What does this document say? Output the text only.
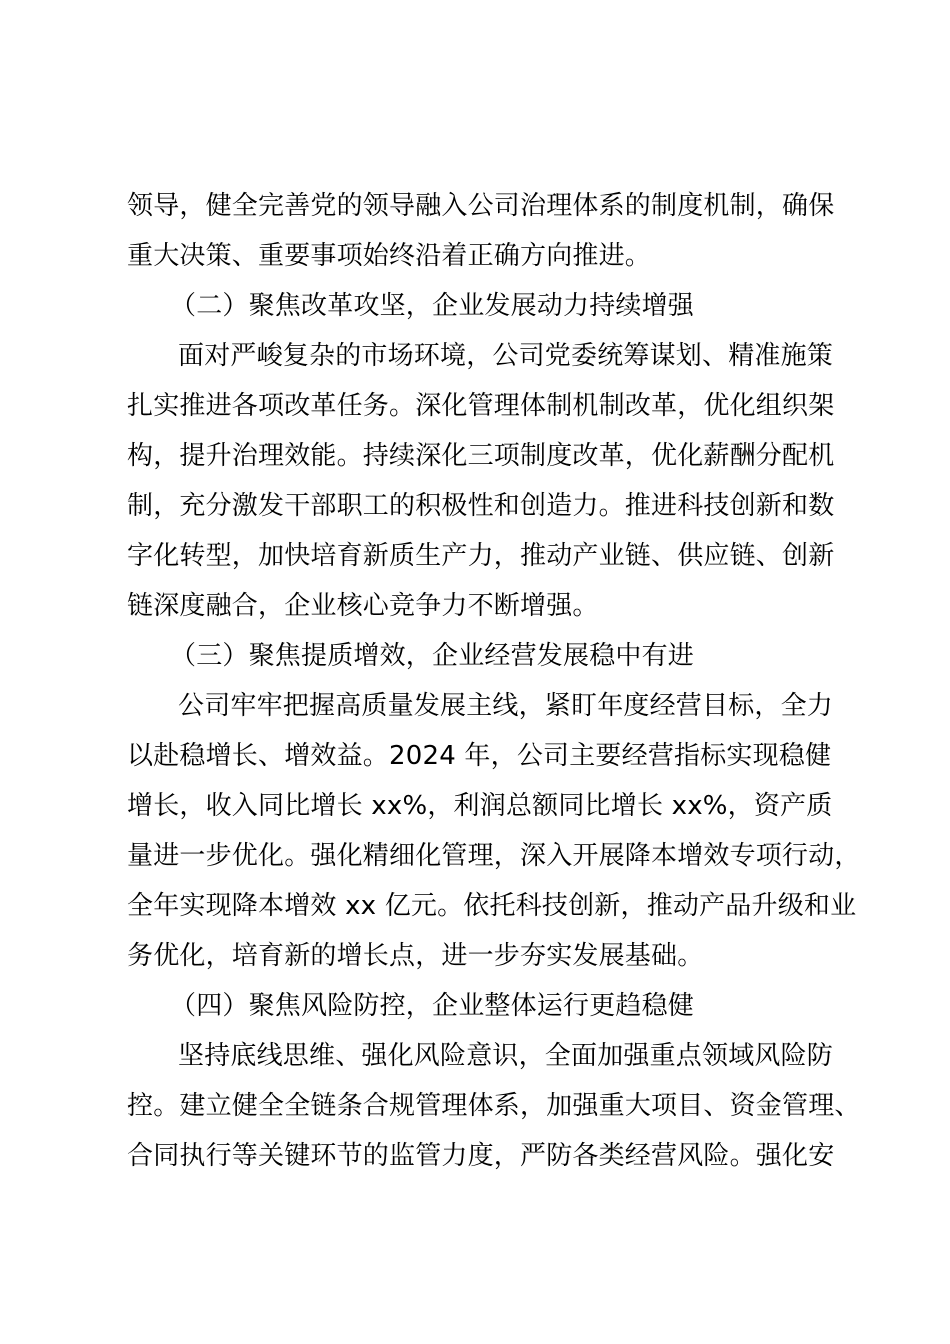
领导，健全完善党的领导融入公司治理体系的制度机制，确保
重大决策、重要事项始终沿着正确方向推进。
（二）聚焦改革攻坚，企业发展动力持续增强
面对严峻复杂的市场环境，公司党委统筹谋划、精准施策
扎实推进各项改革任务。深化管理体制机制改革，优化组织架
构，提升治理效能。持续深化三项制度改革，优化薪酬分配机
制，充分激发干部职工的积极性和创造力。推进科技创新和数
字化转型，加快培育新质生产力，推动产业链、供应链、创新
链深度融合，企业核心竞争力不断增强。
（三）聚焦提质增效，企业经营发展稳中有进
公司牢牢把握高质量发展主线，紧盯年度经营目标，全力
以赴稳增长、增效益。2024 年，公司主要经营指标实现稳健
增长，收入同比增长 xx%，利润总额同比增长 xx%，资产质
量进一步优化。强化精细化管理，深入开展降本增效专项行动，
全年实现降本增效 xx 亿元。依托科技创新，推动产品升级和业
务优化，培育新的增长点，进一步夯实发展基础。
（四）聚焦风险防控，企业整体运行更趋稳健
坚持底线思维、强化风险意识，全面加强重点领域风险防
控。建立健全全链条合规管理体系，加强重大项目、资金管理、
合同执行等关键环节的监管力度，严防各类经营风险。强化安
